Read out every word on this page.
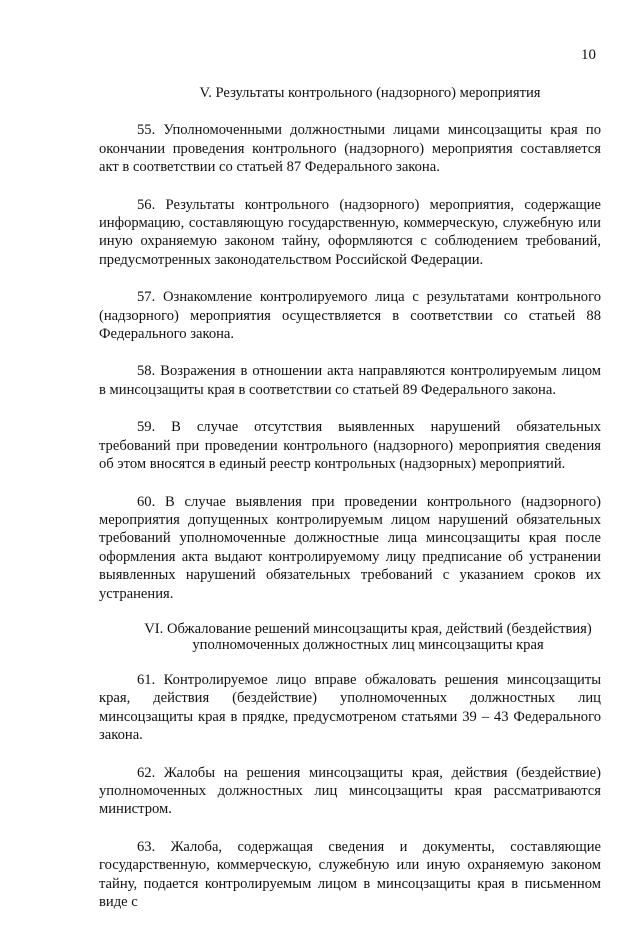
10
V. Результаты контрольного (надзорного) мероприятия

55. Уполномоченными должностными лицами минсоцзащиты края по окончании проведения контрольного (надзорного) мероприятия составляется акт в соответствии со статьей 87 Федерального закона.

56. Результаты контрольного (надзорного) мероприятия, содержащие информацию, составляющую государственную, коммерческую, служебную или иную охраняемую законом тайну, оформляются с соблюдением требований, предусмотренных законодательством Российской Федерации.

57. Ознакомление контролируемого лица с результатами контрольного (надзорного) мероприятия осуществляется в соответствии со статьей 88 Федерального закона.

58. Возражения в отношении акта направляются контролируемым лицом в минсоцзащиты края в соответствии со статьей 89 Федерального закона.

59. В случае отсутствия выявленных нарушений обязательных требований при проведении контрольного (надзорного) мероприятия сведения об этом вносятся в единый реестр контрольных (надзорных) мероприятий.

60. В случае выявления при проведении контрольного (надзорного) мероприятия допущенных контролируемым лицом нарушений обязательных требований уполномоченные должностные лица минсоцзащиты края после оформления акта выдают контролируемому лицу предписание об устранении выявленных нарушений обязательных требований с указанием сроков их устранения.

VI. Обжалование решений минсоцзащиты края, действий (бездействия)
уполномоченных должностных лиц минсоцзащиты края

61. Контролируемое лицо вправе обжаловать решения минсоцзащиты края, действия (бездействие) уполномоченных должностных лиц минсоцзащиты края в прядке, предусмотреном статьями 39 – 43 Федерального закона.

62. Жалобы на решения минсоцзащиты края, действия (бездействие) уполномоченных должностных лиц минсоцзащиты края рассматриваются министром.

63. Жалоба, содержащая сведения и документы, составляющие государственную, коммерческую, служебную или иную охраняемую законом тайну, подается контролируемым лицом в минсоцзащиты края в письменном виде с
